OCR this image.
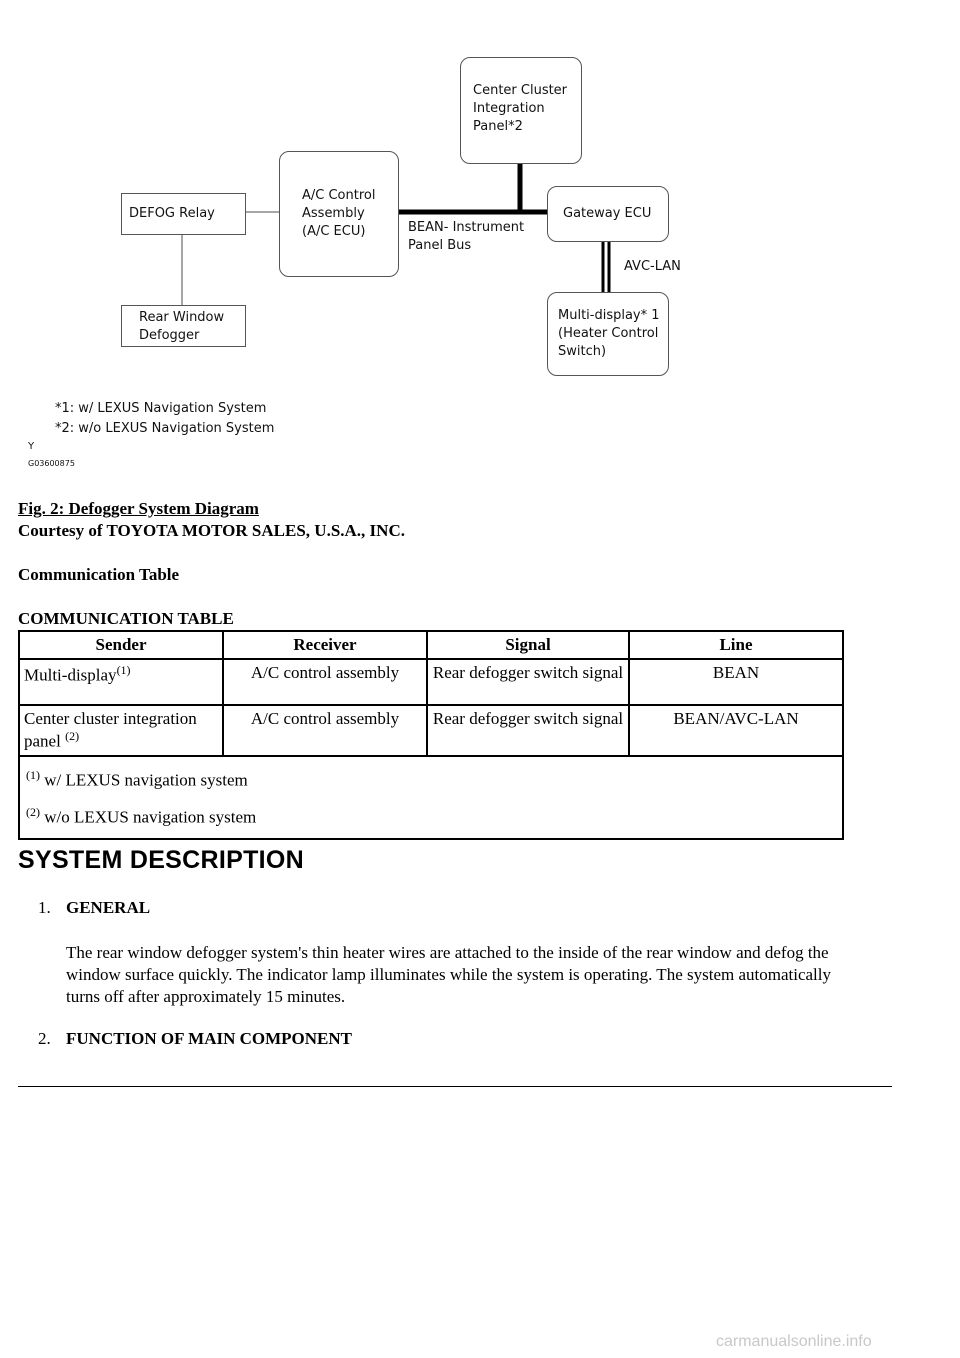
Center Cluster
Integration
Panel*2
DEFOG Relay
A/C Control
Assembly
(A/C ECU)	BEAN- Instrument
Panel Bus
Gateway ECU
AVC-LAN
Rear Window
Defogger
Multi-display* 1
(Heater Control
Switch)
*1: w/ LEXUS Navigation System
*2: w/o LEXUS Navigation System
Y
G03600875
Fig. 2: Defogger System Diagram
Courtesy of TOYOTA MOTOR SALES, U.S.A., INC.
Communication Table
COMMUNICATION TABLE
Sender	Receiver	Signal	Line
Multi-display$^{(1)}$	A/C control assembly	Rear defogger switch signal	BEAN
Center cluster integration panel $^{(2)}$	A/C control assembly	Rear defogger switch signal	BEAN/AVC-LAN

$^{(1)}$ w/ LEXUS navigation system
$^{(2)}$ w/o LEXUS navigation system			
SYSTEM DESCRIPTION
1. GENERAL
The rear window defogger system's thin heater wires are attached to the inside of the rear window and defog the window surface quickly. The indicator lamp illuminates while the system is operating. The system automatically turns off after approximately 15 minutes.
2. FUNCTION OF MAIN COMPONENT
carmanualsonline.info
